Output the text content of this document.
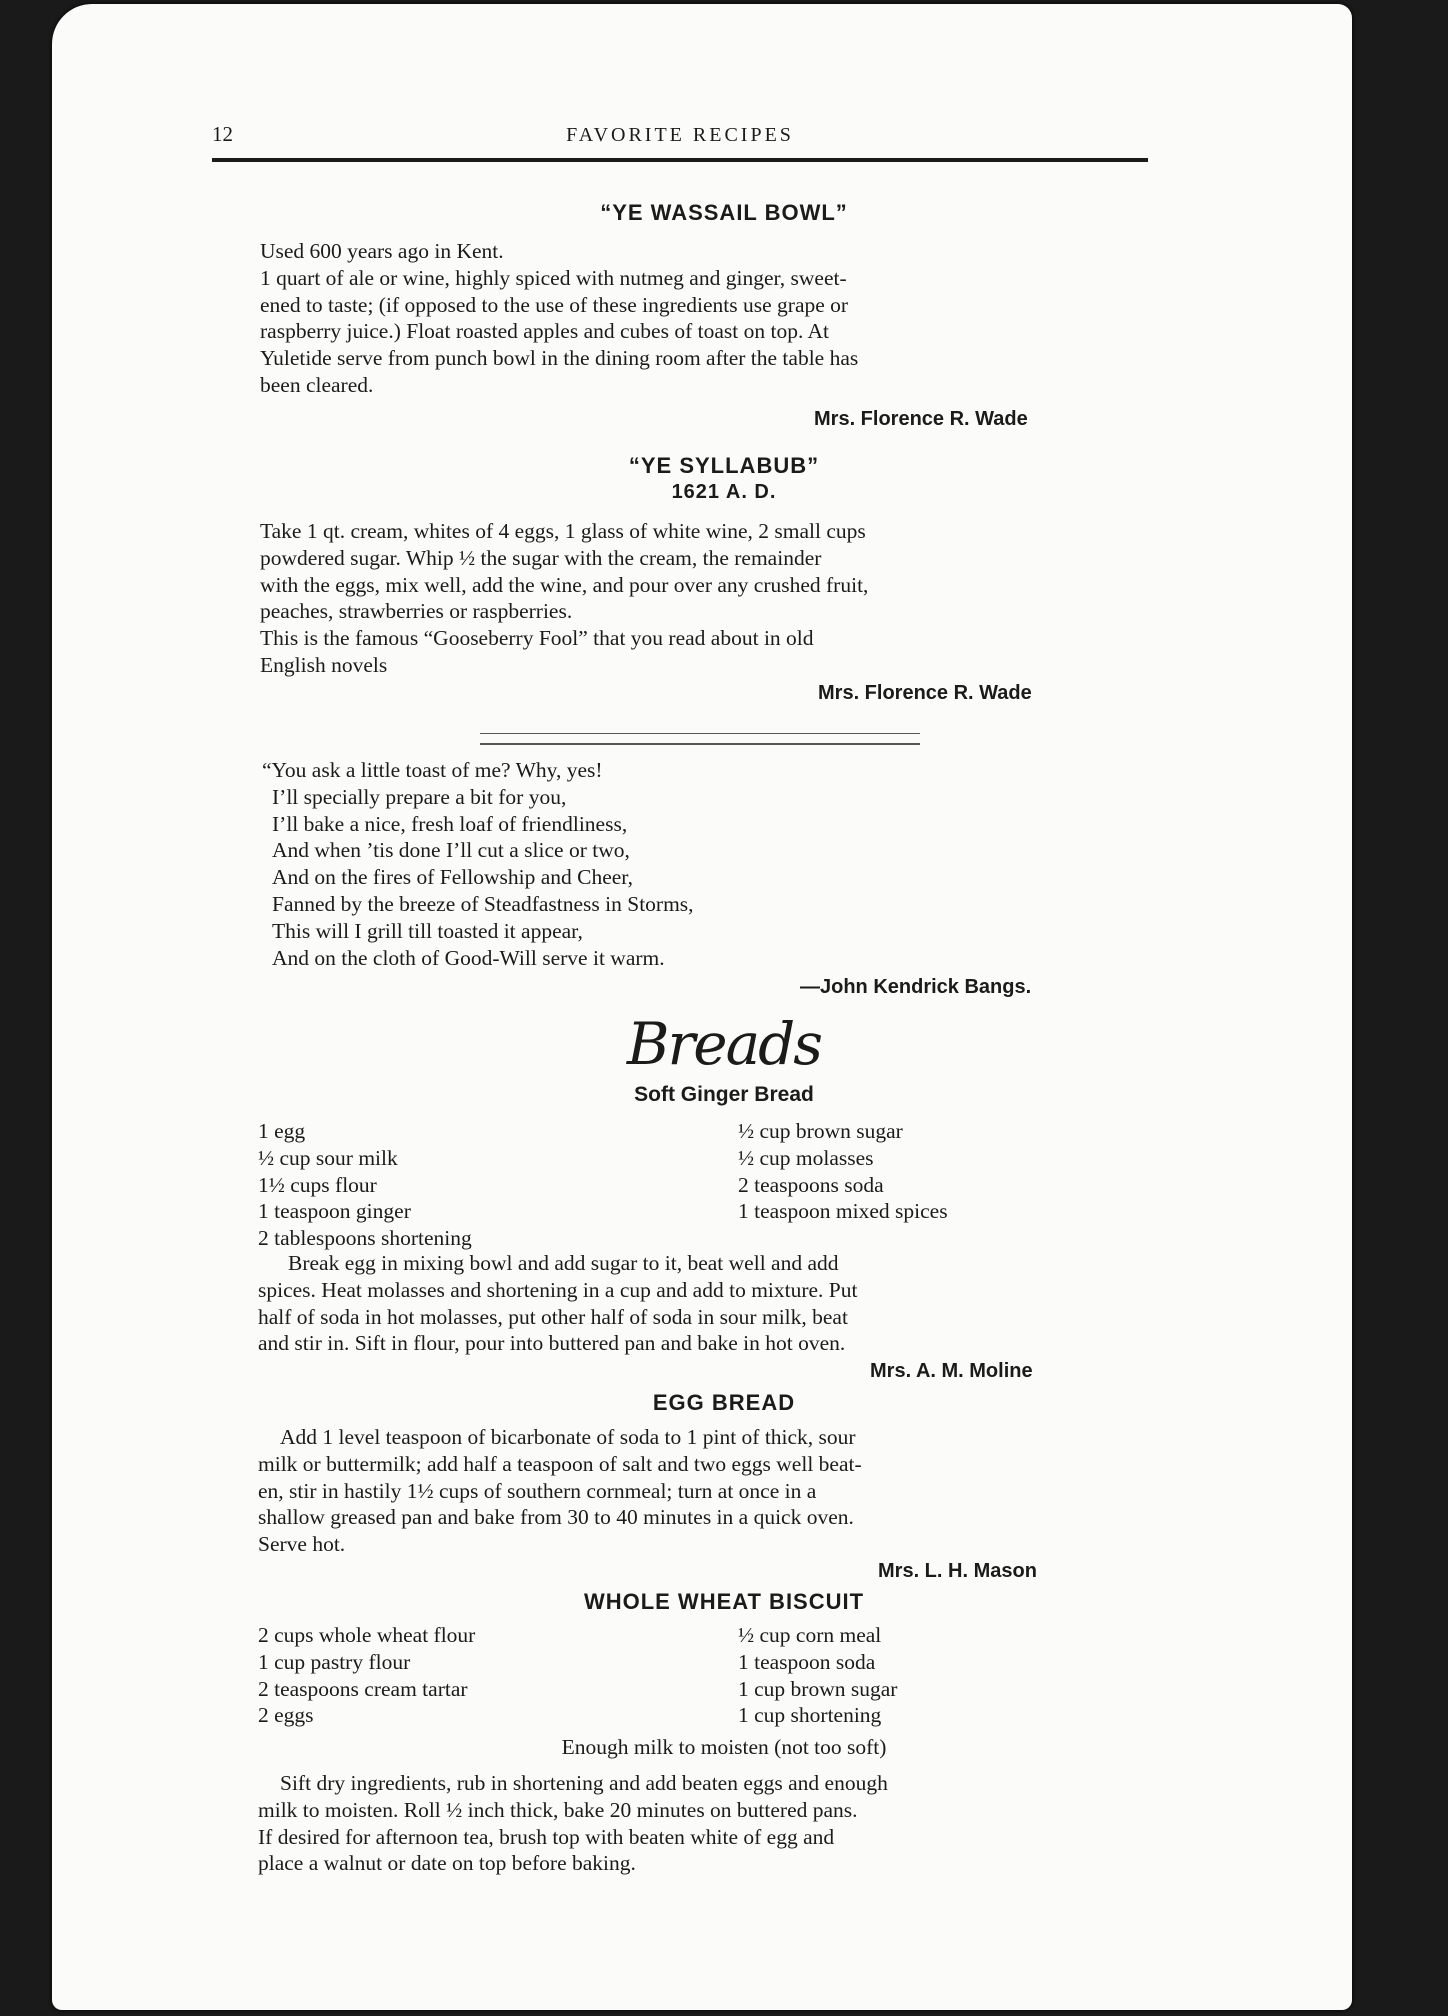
12	FAVORITE RECIPES
“YE WASSAIL BOWL”
Used 600 years ago in Kent.
1 quart of ale or wine, highly spiced with nutmeg and ginger, sweet-
ened to taste; (if opposed to the use of these ingredients use grape or
raspberry juice.) Float roasted apples and cubes of toast on top. At
Yuletide serve from punch bowl in the dining room after the table has
been cleared.
Mrs. Florence R. Wade
“YE SYLLABUB”
1621 A. D.
Take 1 qt. cream, whites of 4 eggs, 1 glass of white wine, 2 small cups
powdered sugar. Whip ½ the sugar with the cream, the remainder
with the eggs, mix well, add the wine, and pour over any crushed fruit,
peaches, strawberries or raspberries.
This is the famous “Gooseberry Fool” that you read about in old
English novels
Mrs. Florence R. Wade
“You ask a little toast of me? Why, yes!
I’ll specially prepare a bit for you,
I’ll bake a nice, fresh loaf of friendliness,
And when ’tis done I’ll cut a slice or two,
And on the fires of Fellowship and Cheer,
Fanned by the breeze of Steadfastness in Storms,
This will I grill till toasted it appear,
And on the cloth of Good-Will serve it warm.
—John Kendrick Bangs.
Breads
Soft Ginger Bread
1 egg
½ cup sour milk
1½ cups flour
1 teaspoon ginger
2 tablespoons shortening
½ cup brown sugar
½ cup molasses
2 teaspoons soda
1 teaspoon mixed spices
Break egg in mixing bowl and add sugar to it, beat well and add
spices. Heat molasses and shortening in a cup and add to mixture. Put
half of soda in hot molasses, put other half of soda in sour milk, beat
and stir in. Sift in flour, pour into buttered pan and bake in hot oven.
Mrs. A. M. Moline
EGG BREAD
Add 1 level teaspoon of bicarbonate of soda to 1 pint of thick, sour
milk or buttermilk; add half a teaspoon of salt and two eggs well beat-
en, stir in hastily 1½ cups of southern cornmeal; turn at once in a
shallow greased pan and bake from 30 to 40 minutes in a quick oven.
Serve hot.
Mrs. L. H. Mason
WHOLE WHEAT BISCUIT
2 cups whole wheat flour
1 cup pastry flour
2 teaspoons cream tartar
2 eggs
½ cup corn meal
1 teaspoon soda
1 cup brown sugar
1 cup shortening
Enough milk to moisten (not too soft)
Sift dry ingredients, rub in shortening and add beaten eggs and enough
milk to moisten. Roll ½ inch thick, bake 20 minutes on buttered pans.
If desired for afternoon tea, brush top with beaten white of egg and
place a walnut or date on top before baking.
